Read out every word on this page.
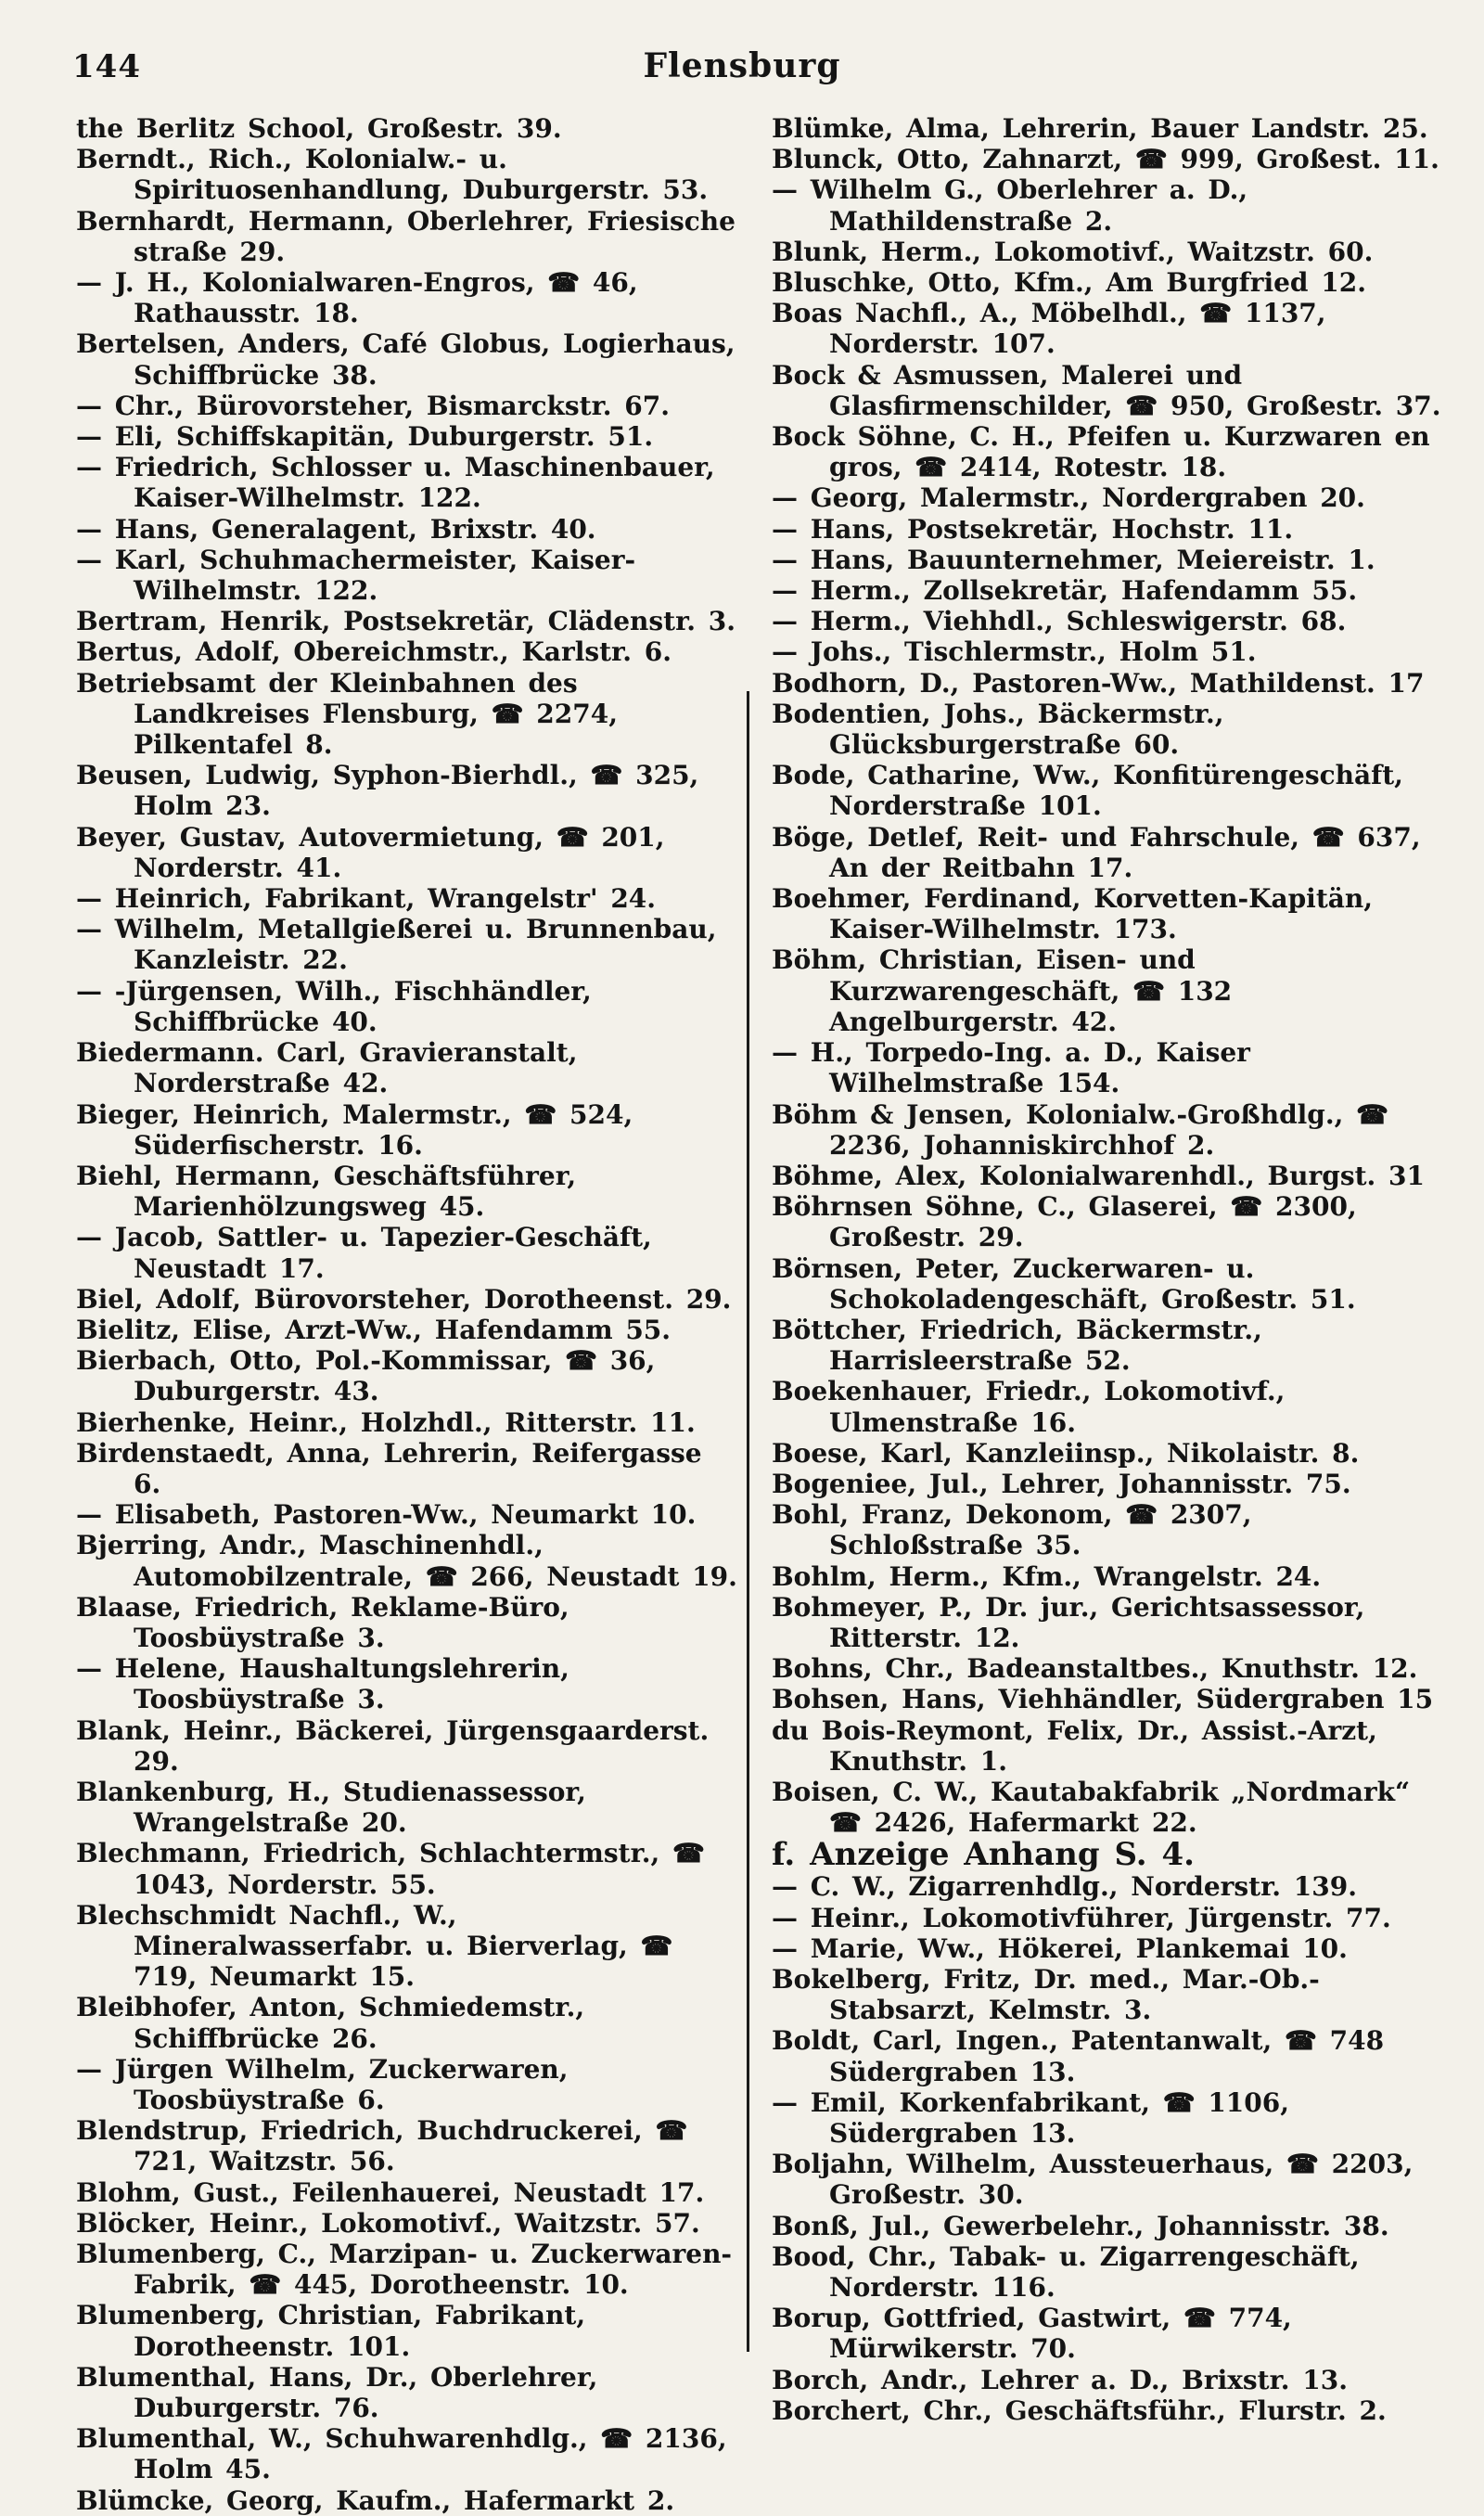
144	Flensburg
the Berlitz School, Großestr. 39.
Berndt., Rich., Kolonialw.- u. Spirituosenhandlung, Duburgerstr. 53.
Bernhardt, Hermann, Oberlehrer, Friesische straße 29.
— J. H., Kolonialwaren-Engros, ☎ 46, Rathausstr. 18.
Bertelsen, Anders, Café Globus, Logierhaus, Schiffbrücke 38.
— Chr., Bürovorsteher, Bismarckstr. 67.
— Eli, Schiffskapitän, Duburgerstr. 51.
— Friedrich, Schlosser u. Maschinenbauer, Kaiser-Wilhelmstr. 122.
— Hans, Generalagent, Brixstr. 40.
— Karl, Schuhmachermeister, Kaiser-Wilhelmstr. 122.
Bertram, Henrik, Postsekretär, Clädenstr. 3.
Bertus, Adolf, Obereichmstr., Karlstr. 6.
Betriebsamt der Kleinbahnen des Landkreises Flensburg, ☎ 2274, Pilkentafel 8.
Beusen, Ludwig, Syphon-Bierhdl., ☎ 325, Holm 23.
Beyer, Gustav, Autovermietung, ☎ 201, Norderstr. 41.
— Heinrich, Fabrikant, Wrangelstr' 24.
— Wilhelm, Metallgießerei u. Brunnenbau, Kanzleistr. 22.
— -Jürgensen, Wilh., Fischhändler, Schiffbrücke 40.
Biedermann. Carl, Gravieranstalt, Norderstraße 42.
Bieger, Heinrich, Malermstr., ☎ 524, Süderfischerstr. 16.
Biehl, Hermann, Geschäftsführer, Marienhölzungsweg 45.
— Jacob, Sattler- u. Tapezier-Geschäft, Neustadt 17.
Biel, Adolf, Bürovorsteher, Dorotheenst. 29.
Bielitz, Elise, Arzt-Ww., Hafendamm 55.
Bierbach, Otto, Pol.-Kommissar, ☎ 36, Duburgerstr. 43.
Bierhenke, Heinr., Holzhdl., Ritterstr. 11.
Birdenstaedt, Anna, Lehrerin, Reifergasse 6.
— Elisabeth, Pastoren-Ww., Neumarkt 10.
Bjerring, Andr., Maschinenhdl., Automobilzentrale, ☎ 266, Neustadt 19.
Blaase, Friedrich, Reklame-Büro, Toosbüystraße 3.
— Helene, Haushaltungslehrerin, Toosbüystraße 3.
Blank, Heinr., Bäckerei, Jürgensgaarderst. 29.
Blankenburg, H., Studienassessor, Wrangelstraße 20.
Blechmann, Friedrich, Schlachtermstr., ☎ 1043, Norderstr. 55.
Blechschmidt Nachfl., W., Mineralwasserfabr. u. Bierverlag, ☎ 719, Neumarkt 15.
Bleibhofer, Anton, Schmiedemstr., Schiffbrücke 26.
— Jürgen Wilhelm, Zuckerwaren, Toosbüystraße 6.
Blendstrup, Friedrich, Buchdruckerei, ☎ 721, Waitzstr. 56.
Blohm, Gust., Feilenhauerei, Neustadt 17.
Blöcker, Heinr., Lokomotivf., Waitzstr. 57.
Blumenberg, C., Marzipan- u. Zuckerwaren-Fabrik, ☎ 445, Dorotheenstr. 10.
Blumenberg, Christian, Fabrikant, Dorotheenstr. 101.
Blumenthal, Hans, Dr., Oberlehrer, Duburgerstr. 76.
Blumenthal, W., Schuhwarenhdlg., ☎ 2136, Holm 45.
Blümcke, Georg, Kaufm., Hafermarkt 2.
Blümke, Alma, Lehrerin, Bauer Landstr. 25.
Blunck, Otto, Zahnarzt, ☎ 999, Großest. 11.
— Wilhelm G., Oberlehrer a. D., Mathildenstraße 2.
Blunk, Herm., Lokomotivf., Waitzstr. 60.
Bluschke, Otto, Kfm., Am Burgfried 12.
Boas Nachfl., A., Möbelhdl., ☎ 1137, Norderstr. 107.
Bock & Asmussen, Malerei und Glasfirmenschilder, ☎ 950, Großestr. 37.
Bock Söhne, C. H., Pfeifen u. Kurzwaren en gros, ☎ 2414, Rotestr. 18.
— Georg, Malermstr., Nordergraben 20.
— Hans, Postsekretär, Hochstr. 11.
— Hans, Bauunternehmer, Meiereistr. 1.
— Herm., Zollsekretär, Hafendamm 55.
— Herm., Viehhdl., Schleswigerstr. 68.
— Johs., Tischlermstr., Holm 51.
Bodhorn, D., Pastoren-Ww., Mathildenst. 17
Bodentien, Johs., Bäckermstr., Glücksburgerstraße 60.
Bode, Catharine, Ww., Konfitürengeschäft, Norderstraße 101.
Böge, Detlef, Reit- und Fahrschule, ☎ 637, An der Reitbahn 17.
Boehmer, Ferdinand, Korvetten-Kapitän, Kaiser-Wilhelmstr. 173.
Böhm, Christian, Eisen- und Kurzwarengeschäft, ☎ 132 Angelburgerstr. 42.
— H., Torpedo-Ing. a. D., Kaiser Wilhelmstraße 154.
Böhm & Jensen, Kolonialw.-Großhdlg., ☎ 2236, Johanniskirchhof 2.
Böhme, Alex, Kolonialwarenhdl., Burgst. 31
Böhrnsen Söhne, C., Glaserei, ☎ 2300, Großestr. 29.
Börnsen, Peter, Zuckerwaren- u. Schokoladengeschäft, Großestr. 51.
Böttcher, Friedrich, Bäckermstr., Harrisleerstraße 52.
Boekenhauer, Friedr., Lokomotivf., Ulmenstraße 16.
Boese, Karl, Kanzleiinsp., Nikolaistr. 8.
Bogeniee, Jul., Lehrer, Johannisstr. 75.
Bohl, Franz, Dekonom, ☎ 2307, Schloßstraße 35.
Bohlm, Herm., Kfm., Wrangelstr. 24.
Bohmeyer, P., Dr. jur., Gerichtsassessor, Ritterstr. 12.
Bohns, Chr., Badeanstaltbes., Knuthstr. 12.
Bohsen, Hans, Viehhändler, Südergraben 15
du Bois-Reymont, Felix, Dr., Assist.-Arzt, Knuthstr. 1.
Boisen, C. W., Kautabakfabrik „Nordmark“ ☎ 2426, Hafermarkt 22.
f. Anzeige Anhang S. 4.
— C. W., Zigarrenhdlg., Norderstr. 139.
— Heinr., Lokomotivführer, Jürgenstr. 77.
— Marie, Ww., Hökerei, Plankemai 10.
Bokelberg, Fritz, Dr. med., Mar.-Ob.-Stabsarzt, Kelmstr. 3.
Boldt, Carl, Ingen., Patentanwalt, ☎ 748 Südergraben 13.
— Emil, Korkenfabrikant, ☎ 1106, Südergraben 13.
Boljahn, Wilhelm, Aussteuerhaus, ☎ 2203, Großestr. 30.
Bonß, Jul., Gewerbelehr., Johannisstr. 38.
Bood, Chr., Tabak- u. Zigarrengeschäft, Norderstr. 116.
Borup, Gottfried, Gastwirt, ☎ 774, Mürwikerstr. 70.
Borch, Andr., Lehrer a. D., Brixstr. 13.
Borchert, Chr., Geschäftsführ., Flurstr. 2.
